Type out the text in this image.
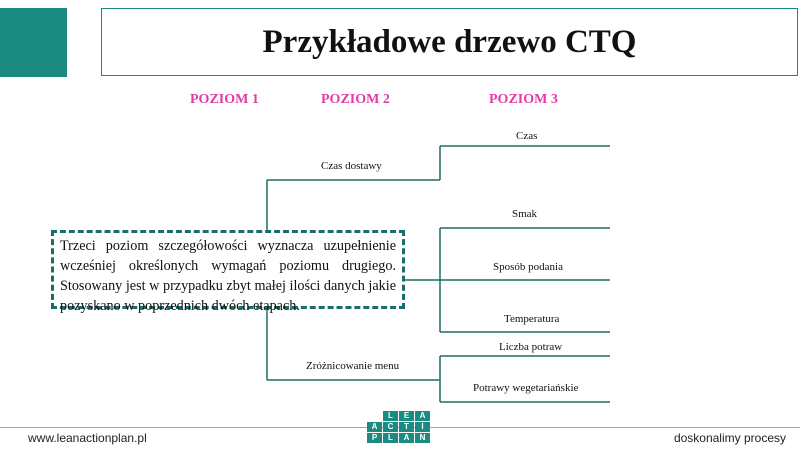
Przykładowe drzewo CTQ
POZIOM 1	POZIOM 2	POZIOM 3
Czas dostawy
Zróżnicowanie menu
Czas
Smak
Sposób podania
Temperatura
Liczba potraw
Potrawy wegetariańskie
Trzeci poziom szczegółowości wyznacza uzupełnienie wcześniej określonych wymagań poziomu drugiego. Stosowany jest w przypadku zbyt małej ilości danych jakie pozyskano w poprzednich dwóch etapach.
www.leanactionplan.pl	doskonalimy procesy
L	E	A
A	C	T	I
P	L	A	N
